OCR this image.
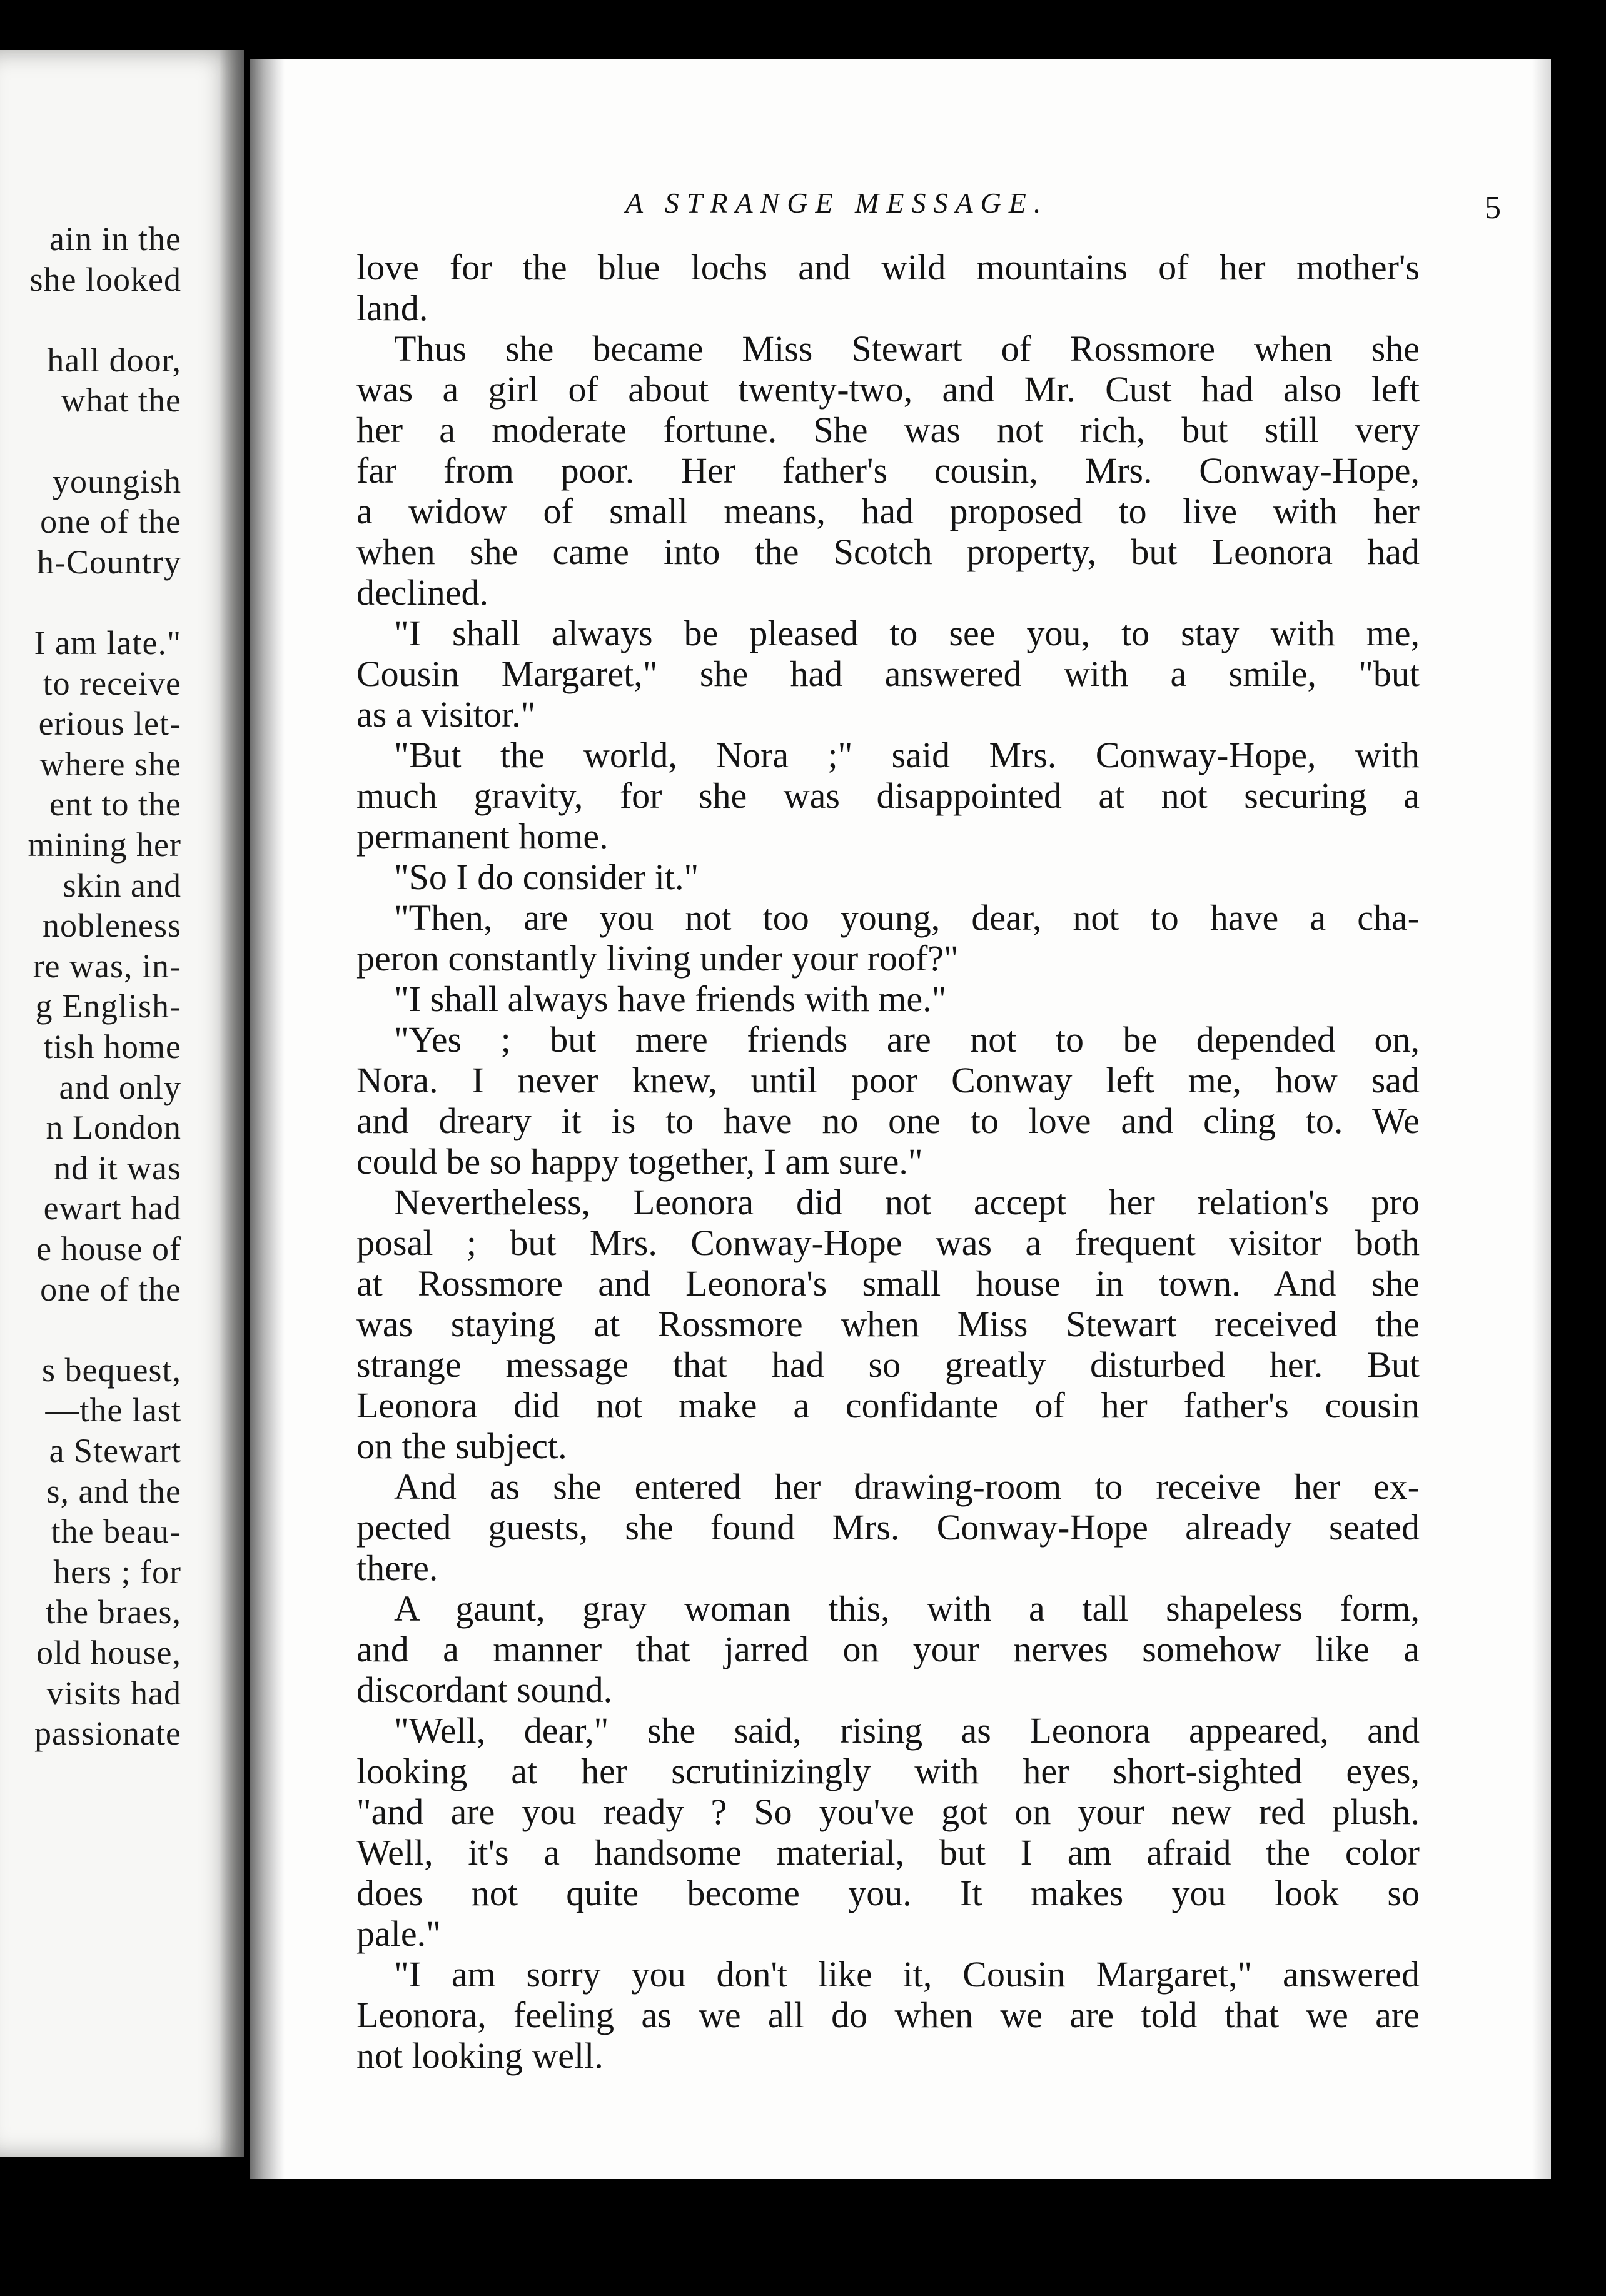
ain in the
she looked
hall door,
what the
youngish
one of the
h-Country
I am late."
to receive
erious let-
where she
ent to the
mining her
skin and
nobleness
re was, in-
g English-
tish home
and only
n London
nd it was
ewart had
e house of
one of the
s bequest,
—the last
a Stewart
s, and the
the beau-
hers ; for
the braes,
old house,
visits had
passionate
A STRANGE MESSAGE.	5
love for the blue lochs and wild mountains of her mother's
land.
Thus she became Miss Stewart of Rossmore when she
was a girl of about twenty-two, and Mr. Cust had also left
her a moderate fortune. She was not rich, but still very
far from poor. Her father's cousin, Mrs. Conway-Hope,
a widow of small means, had proposed to live with her
when she came into the Scotch property, but Leonora had
declined.
"I shall always be pleased to see you, to stay with me,
Cousin Margaret," she had answered with a smile, "but
as a visitor."
"But the world, Nora ;" said Mrs. Conway-Hope, with
much gravity, for she was disappointed at not securing a
permanent home.
"So I do consider it."
"Then, are you not too young, dear, not to have a cha-
peron constantly living under your roof?"
"I shall always have friends with me."
"Yes ; but mere friends are not to be depended on,
Nora. I never knew, until poor Conway left me, how sad
and dreary it is to have no one to love and cling to. We
could be so happy together, I am sure."
Nevertheless, Leonora did not accept her relation's pro
posal ; but Mrs. Conway-Hope was a frequent visitor both
at Rossmore and Leonora's small house in town. And she
was staying at Rossmore when Miss Stewart received the
strange message that had so greatly disturbed her. But
Leonora did not make a confidante of her father's cousin
on the subject.
And as she entered her drawing-room to receive her ex-
pected guests, she found Mrs. Conway-Hope already seated
there.
A gaunt, gray woman this, with a tall shapeless form,
and a manner that jarred on your nerves somehow like a
discordant sound.
"Well, dear," she said, rising as Leonora appeared, and
looking at her scrutinizingly with her short-sighted eyes,
"and are you ready ? So you've got on your new red plush.
Well, it's a handsome material, but I am afraid the color
does not quite become you. It makes you look so
pale."
"I am sorry you don't like it, Cousin Margaret," answered
Leonora, feeling as we all do when we are told that we are
not looking well.
